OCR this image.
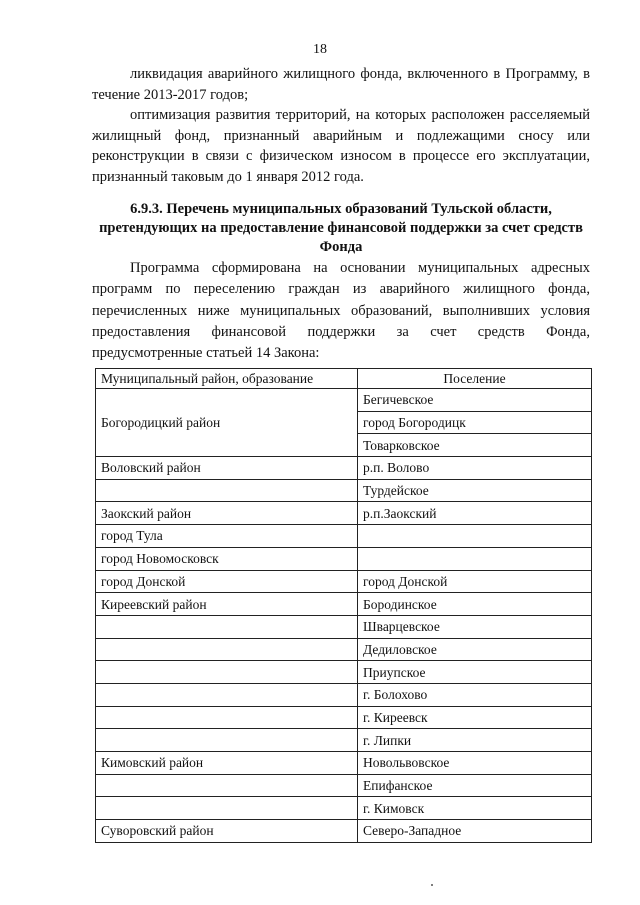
18

ликвидация аварийного жилищного фонда, включенного в Программу, в течение 2013-2017 годов;

оптимизация развития территорий, на которых расположен расселяемый жилищный фонд, признанный аварийным и подлежащими сносу или реконструкции в связи с физическом износом в процессе его эксплуатации, признанный таковым до 1 января 2012 года.

6.9.3. Перечень муниципальных образований Тульской области, претендующих на предоставление финансовой поддержки за счет средств Фонда

Программа сформирована на основании муниципальных адресных программ по переселению граждан из аварийного жилищного фонда, перечисленных ниже муниципальных образований, выполнивших условия предоставления финансовой поддержки за счет средств Фонда, предусмотренные статьей 14 Закона:

Муниципальный район, образование	Поселение
Богородицкий район	Бегичевское
	город Богородицк
	Товарковское
Воловский район	р.п. Волово
	Турдейское
Заокский район	р.п.Заокский
город Тула	
город Новомосковск	
город Донской	город Донской
Киреевский район	Бородинское
	Шварцевское
	Дедиловское
	Приупское
	г. Болохово
	г. Киреевск
	г. Липки
Кимовский район	Новольвовское
	Епифанское
	г. Кимовск
Суворовский район	Северо-Западное
